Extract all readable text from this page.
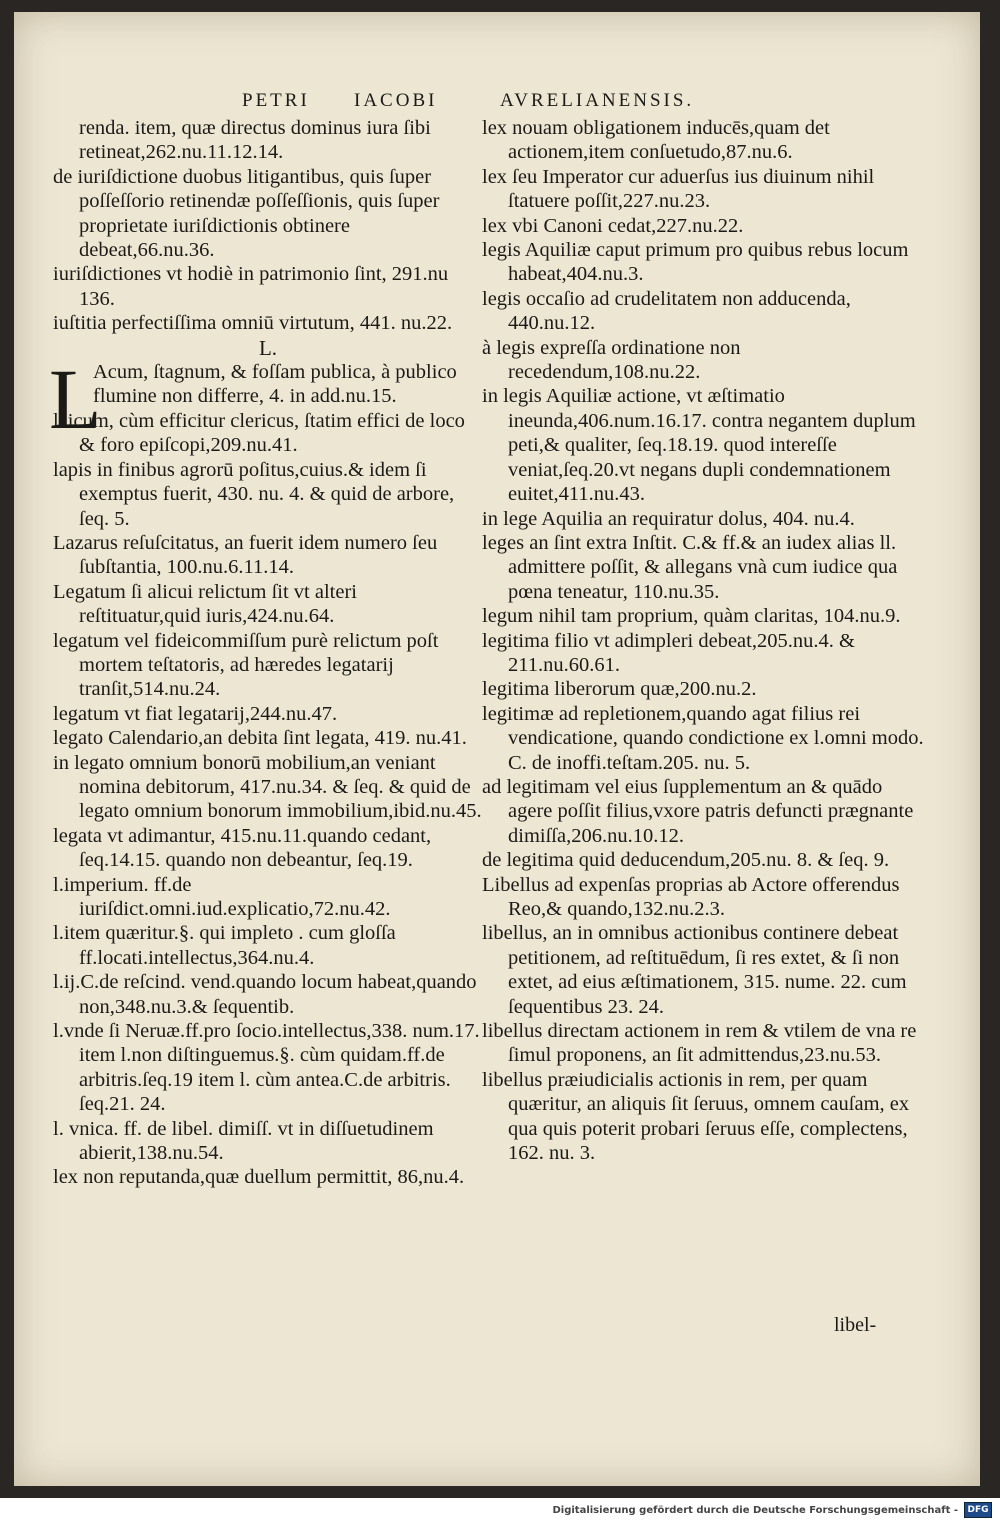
PETRI IACOBI	AVRELIANENSIS.

renda. item, quæ directus dominus iura ſibi retineat,262.nu.11.12.14.

de iuriſdictione duobus litigantibus, quis ſuper poſſeſſorio retinendæ poſſeſſionis, quis ſuper proprietate iuriſdictionis obtinere debeat,66.nu.36.

iuriſdictiones vt hodiè in patrimonio ſint, 291.nu 136.

iuſtitia perfectiſſima omniū virtutum, 441. nu.22.

L.

L
Acum, ſtagnum, & foſſam publica, à publico flumine non differre, 4. in add.nu.15.

laicum, cùm efficitur clericus, ſtatim effici de loco & foro epiſcopi,209.nu.41.

lapis in finibus agrorū poſitus,cuius.& idem ſi exemptus fuerit, 430. nu. 4. & quid de arbore, ſeq. 5.

Lazarus reſuſcitatus, an fuerit idem numero ſeu ſubſtantia, 100.nu.6.11.14.

Legatum ſi alicui relictum ſit vt alteri reſtituatur,quid iuris,424.nu.64.

legatum vel fideicommiſſum purè relictum poſt mortem teſtatoris, ad hæredes legatarij tranſit,514.nu.24.

legatum vt fiat legatarij,244.nu.47.

legato Calendario,an debita ſint legata, 419. nu.41.

in legato omnium bonorū mobilium,an veniant nomina debitorum, 417.nu.34. & ſeq. & quid de legato omnium bonorum immobilium,ibid.nu.45.

legata vt adimantur, 415.nu.11.quando cedant, ſeq.14.15. quando non debeantur, ſeq.19.

l.imperium. ff.de iuriſdict.omni.iud.explicatio,72.nu.42.

l.item quæritur.§. qui impleto . cum gloſſa ff.locati.intellectus,364.nu.4.

l.ij.C.de reſcind. vend.quando locum habeat,quando non,348.nu.3.& ſequentib.

l.vnde ſi Neruæ.ff.pro ſocio.intellectus,338. num.17. item l.non diſtinguemus.§. cùm quidam.ff.de arbitris.ſeq.19 item l. cùm antea.C.de arbitris. ſeq.21. 24.

l. vnica. ff. de libel. dimiſſ. vt in diſſuetudinem abierit,138.nu.54.

lex non reputanda,quæ duellum permittit, 86,nu.4.

lex nouam obligationem inducēs,quam det actionem,item conſuetudo,87.nu.6.

lex ſeu Imperator cur aduerſus ius diuinum nihil ſtatuere poſſit,227.nu.23.

lex vbi Canoni cedat,227.nu.22.

legis Aquiliæ caput primum pro quibus rebus locum habeat,404.nu.3.

legis occaſio ad crudelitatem non adducenda, 440.nu.12.

à legis expreſſa ordinatione non recedendum,108.nu.22.

in legis Aquiliæ actione, vt æſtimatio ineunda,406.num.16.17. contra negantem duplum peti,& qualiter, ſeq.18.19. quod intereſſe veniat,ſeq.20.vt negans dupli condemnationem euitet,411.nu.43.

in lege Aquilia an requiratur dolus, 404. nu.4.

leges an ſint extra Inſtit. C.& ff.& an iudex alias ll. admittere poſſit, & allegans vnà cum iudice qua pœna teneatur, 110.nu.35.

legum nihil tam proprium, quàm claritas, 104.nu.9.

legitima filio vt adimpleri debeat,205.nu.4. & 211.nu.60.61.

legitima liberorum quæ,200.nu.2.

legitimæ ad repletionem,quando agat filius rei vendicatione, quando condictione ex l.omni modo. C. de inoffi.teſtam.205. nu. 5.

ad legitimam vel eius ſupplementum an & quādo agere poſſit filius,vxore patris defuncti prægnante dimiſſa,206.nu.10.12.

de legitima quid deducendum,205.nu. 8. & ſeq. 9.

Libellus ad expenſas proprias ab Actore offerendus Reo,& quando,132.nu.2.3.

libellus, an in omnibus actionibus continere debeat petitionem, ad reſtituēdum, ſi res extet, & ſi non extet, ad eius æſtimationem, 315. nume. 22. cum ſequentibus 23. 24.

libellus directam actionem in rem & vtilem de vna re ſimul proponens, an ſit admittendus,23.nu.53.

libellus præiudicialis actionis in rem, per quam quæritur, an aliquis ſit ſeruus, omnem cauſam, ex qua quis poterit probari ſeruus eſſe, complectens, 162. nu. 3.

libel-
Digitalisierung gefördert durch die Deutsche Forschungsgemeinschaft -	DFG
